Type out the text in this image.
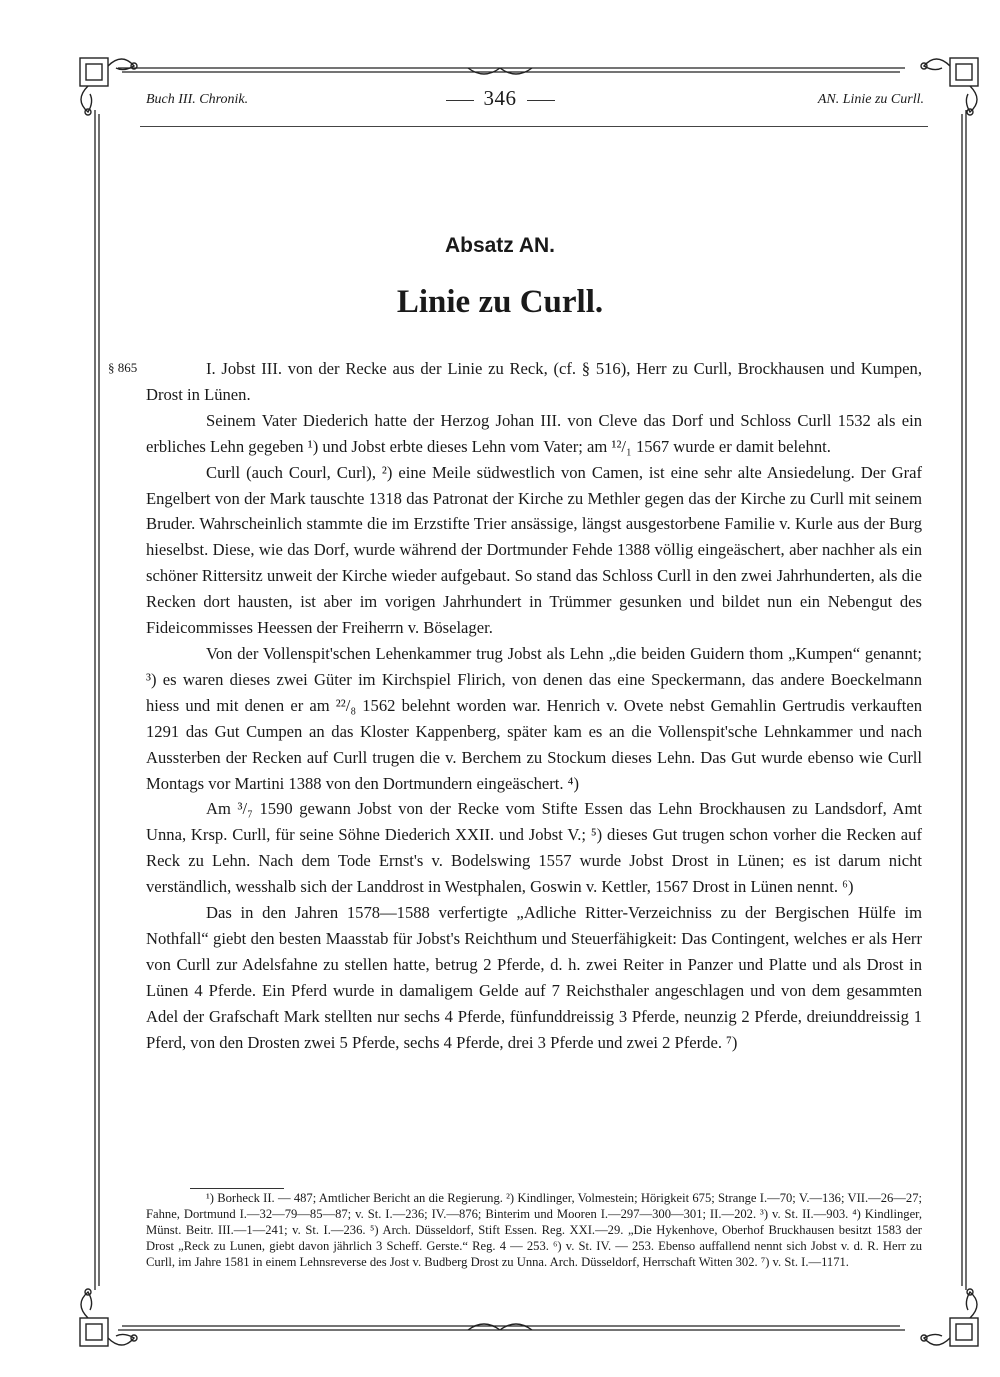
Buch III. Chronik.	346	AN. Linie zu Curll.
Absatz AN.
Linie zu Curll.
§ 865	I. Jobst III. von der Recke aus der Linie zu Reck, (cf. § 516), Herr zu Curll, Brockhausen und Kumpen, Drost in Lünen.

Seinem Vater Diederich hatte der Herzog Johan III. von Cleve das Dorf und Schloss Curll 1532 als ein erbliches Lehn gegeben ¹) und Jobst erbte dieses Lehn vom Vater; am ¹²/₁ 1567 wurde er damit belehnt.

Curll (auch Courl, Curl), ²) eine Meile südwestlich von Camen, ist eine sehr alte Ansiedelung. Der Graf Engelbert von der Mark tauschte 1318 das Patronat der Kirche zu Methler gegen das der Kirche zu Curll mit seinem Bruder. Wahrscheinlich stammte die im Erzstifte Trier ansässige, längst ausgestorbene Familie v. Kurle aus der Burg hieselbst. Diese, wie das Dorf, wurde während der Dortmunder Fehde 1388 völlig eingeäschert, aber nachher als ein schöner Rittersitz unweit der Kirche wieder aufgebaut. So stand das Schloss Curll in den zwei Jahrhunderten, als die Recken dort hausten, ist aber im vorigen Jahrhundert in Trümmer gesunken und bildet nun ein Nebengut des Fideicommisses Heessen der Freiherrn v. Böselager.

Von der Vollenspit'schen Lehenkammer trug Jobst als Lehn „die beiden Guidern thom „Kumpen“ genannt; ³) es waren dieses zwei Güter im Kirchspiel Flirich, von denen das eine Speckermann, das andere Boeckelmann hiess und mit denen er am ²²/₈ 1562 belehnt worden war. Henrich v. Ovete nebst Gemahlin Gertrudis verkauften 1291 das Gut Cumpen an das Kloster Kappenberg, später kam es an die Vollenspit'sche Lehnkammer und nach Aussterben der Recken auf Curll trugen die v. Berchem zu Stockum dieses Lehn. Das Gut wurde ebenso wie Curll Montags vor Martini 1388 von den Dortmundern eingeäschert. ⁴)

Am ³/₇ 1590 gewann Jobst von der Recke vom Stifte Essen das Lehn Brockhausen zu Landsdorf, Amt Unna, Krsp. Curll, für seine Söhne Diederich XXII. und Jobst V.; ⁵) dieses Gut trugen schon vorher die Recken auf Reck zu Lehn. Nach dem Tode Ernst's v. Bodelswing 1557 wurde Jobst Drost in Lünen; es ist darum nicht verständlich, wesshalb sich der Landdrost in Westphalen, Goswin v. Kettler, 1567 Drost in Lünen nennt. ⁶)

Das in den Jahren 1578—1588 verfertigte „Adliche Ritter-Verzeichniss zu der Bergischen Hülfe im Nothfall“ giebt den besten Maasstab für Jobst's Reichthum und Steuerfähigkeit: Das Contingent, welches er als Herr von Curll zur Adelsfahne zu stellen hatte, betrug 2 Pferde, d. h. zwei Reiter in Panzer und Platte und als Drost in Lünen 4 Pferde. Ein Pferd wurde in damaligem Gelde auf 7 Reichsthaler angeschlagen und von dem gesammten Adel der Grafschaft Mark stellten nur sechs 4 Pferde, fünfunddreissig 3 Pferde, neunzig 2 Pferde, dreiunddreissig 1 Pferd, von den Drosten zwei 5 Pferde, sechs 4 Pferde, drei 3 Pferde und zwei 2 Pferde. ⁷)

¹) Borheck II. — 487; Amtlicher Bericht an die Regierung. ²) Kindlinger, Volmestein; Hörigkeit 675; Strange I.—70; V.—136; VII.—26—27; Fahne, Dortmund I.—32—79—85—87; v. St. I.—236; IV.—876; Binterim und Mooren I.—297—300—301; II.—202. ³) v. St. II.—903. ⁴) Kindlinger, Münst. Beitr. III.—1—241; v. St. I.—236. ⁵) Arch. Düsseldorf, Stift Essen. Reg. XXI.—29. „Die Hykenhove, Oberhof Bruckhausen besitzt 1583 der Drost „Reck zu Lunen, giebt davon jährlich 3 Scheff. Gerste.“ Reg. 4 — 253. ⁶) v. St. IV. — 253. Ebenso auffallend nennt sich Jobst v. d. R. Herr zu Curll, im Jahre 1581 in einem Lehnsreverse des Jost v. Budberg Drost zu Unna. Arch. Düsseldorf, Herrschaft Witten 302. ⁷) v. St. I.—1171.
